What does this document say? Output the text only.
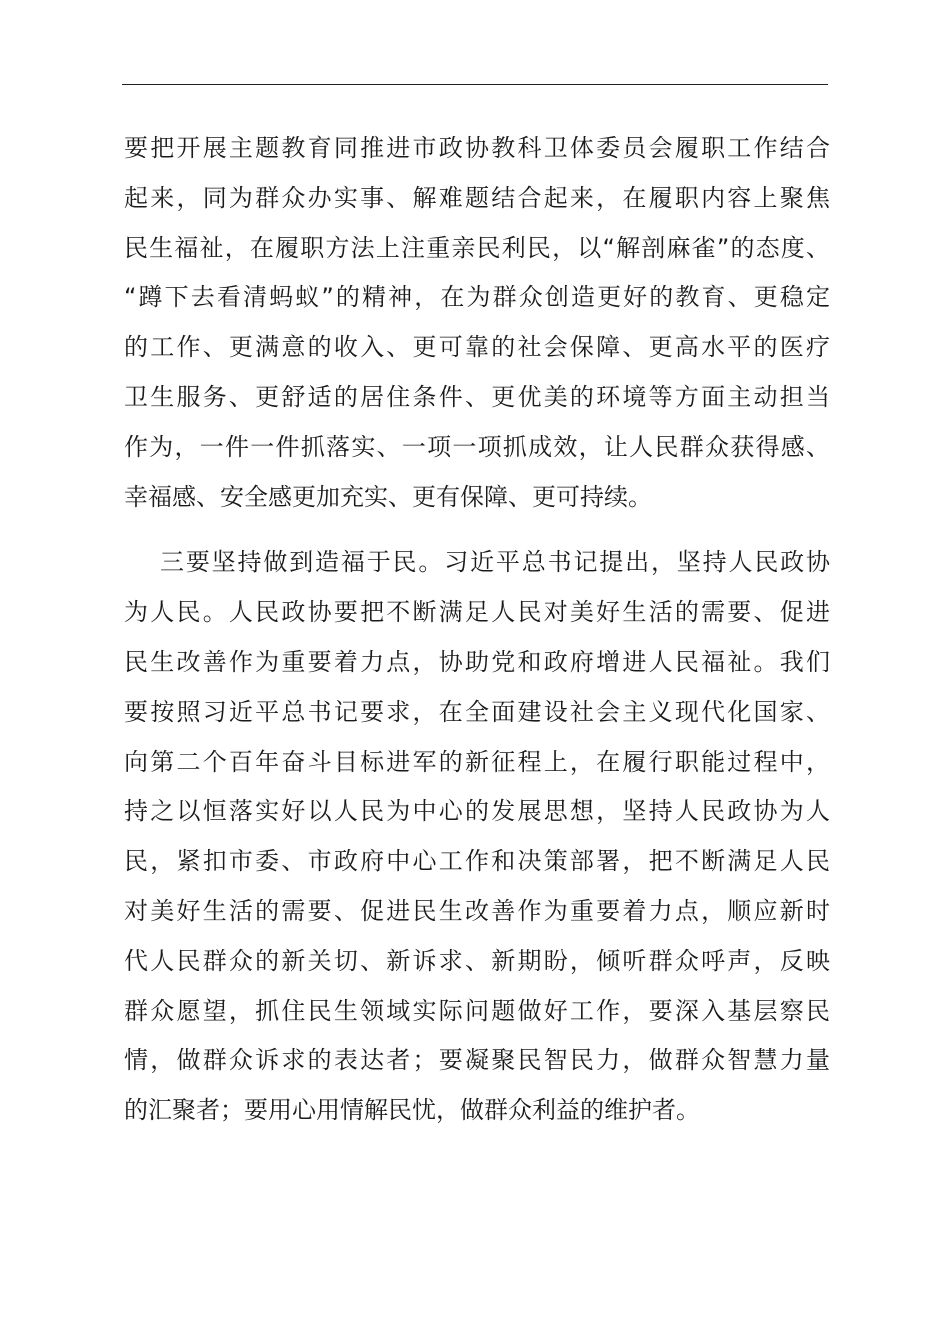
要把开展主题教育同推进市政协教科卫体委员会履职工作结合
起来，同为群众办实事、解难题结合起来，在履职内容上聚焦
民生福祉，在履职方法上注重亲民利民，以“解剖麻雀”的态度、
“蹲下去看清蚂蚁”的精神，在为群众创造更好的教育、更稳定
的工作、更满意的收入、更可靠的社会保障、更高水平的医疗
卫生服务、更舒适的居住条件、更优美的环境等方面主动担当
作为，一件一件抓落实、一项一项抓成效，让人民群众获得感、
幸福感、安全感更加充实、更有保障、更可持续。
三要坚持做到造福于民。习近平总书记提出，坚持人民政协
为人民。人民政协要把不断满足人民对美好生活的需要、促进
民生改善作为重要着力点，协助党和政府增进人民福祉。我们
要按照习近平总书记要求，在全面建设社会主义现代化国家、
向第二个百年奋斗目标进军的新征程上，在履行职能过程中，
持之以恒落实好以人民为中心的发展思想，坚持人民政协为人
民，紧扣市委、市政府中心工作和决策部署，把不断满足人民
对美好生活的需要、促进民生改善作为重要着力点，顺应新时
代人民群众的新关切、新诉求、新期盼，倾听群众呼声，反映
群众愿望，抓住民生领域实际问题做好工作，要深入基层察民
情，做群众诉求的表达者；要凝聚民智民力，做群众智慧力量
的汇聚者；要用心用情解民忧，做群众利益的维护者。
